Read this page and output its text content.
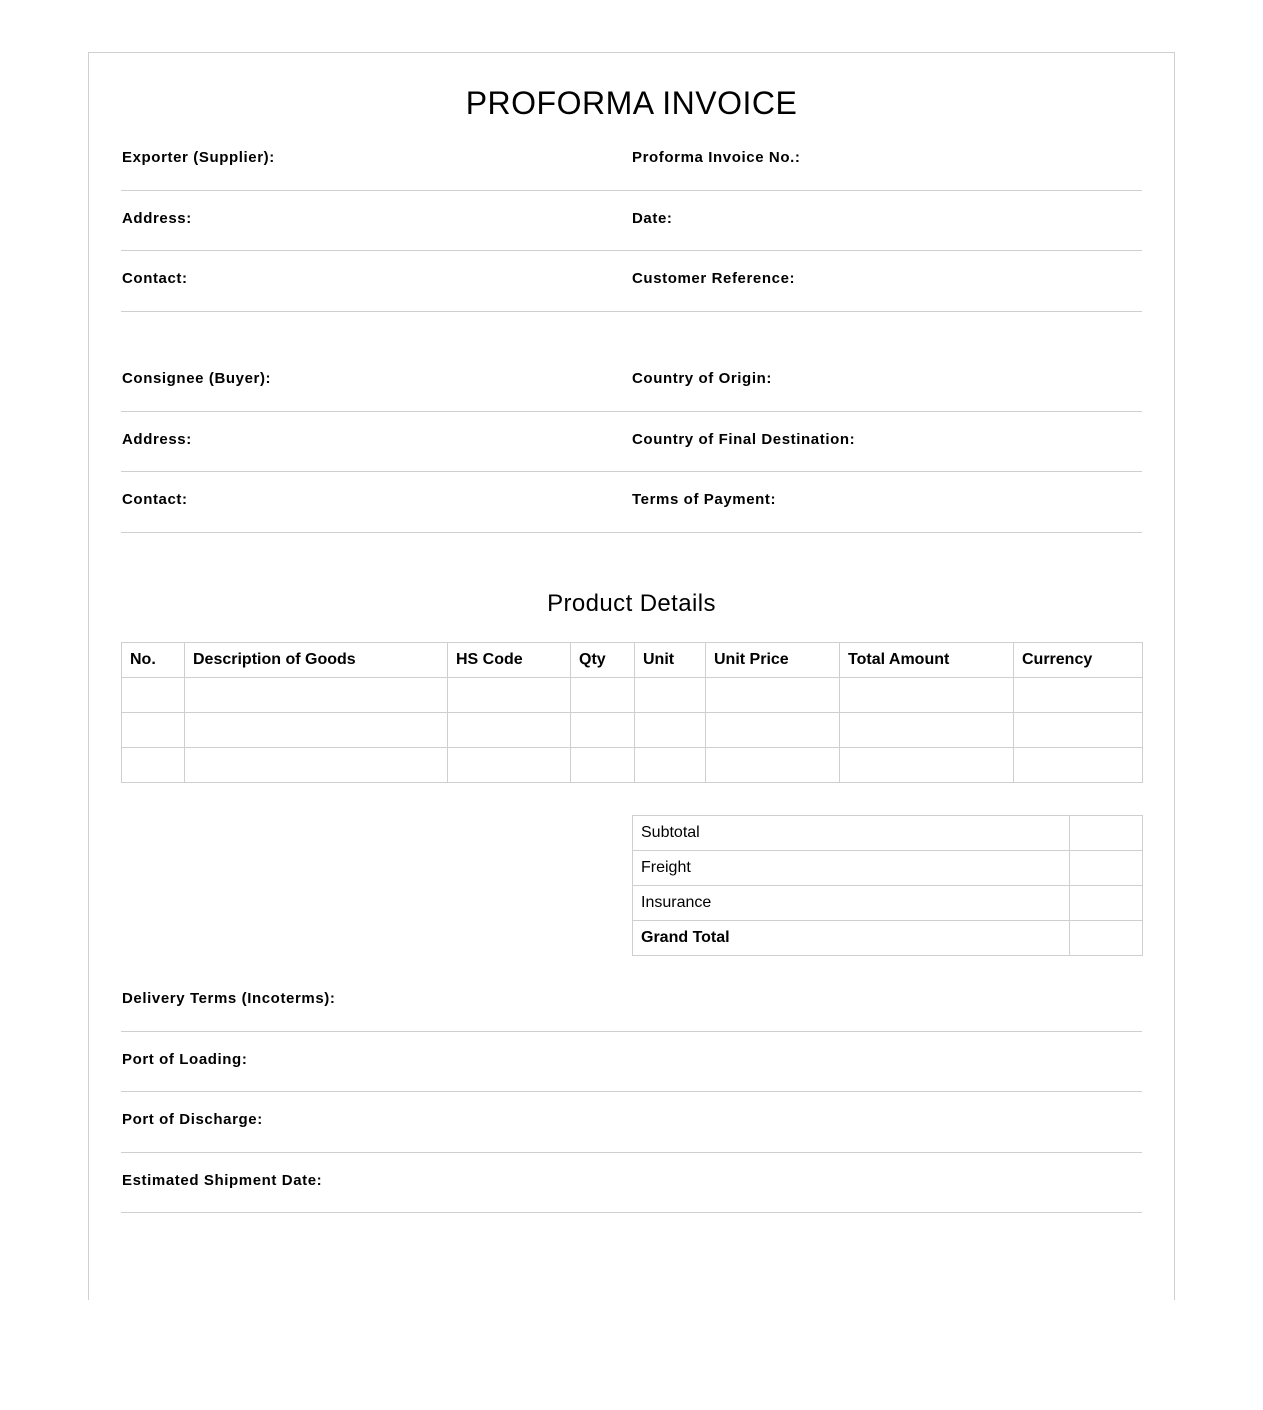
PROFORMA INVOICE
Exporter (Supplier):	Proforma Invoice No.:
Address:	Date:
Contact:	Customer Reference:
Consignee (Buyer):	Country of Origin:
Address:	Country of Final Destination:
Contact:	Terms of Payment:
Product Details
No.	Description of Goods	HS Code	Qty	Unit	Unit Price	Total Amount	Currency

Subtotal	
Freight	
Insurance	
Grand Total	
Delivery Terms (Incoterms):
Port of Loading:
Port of Discharge:
Estimated Shipment Date:
